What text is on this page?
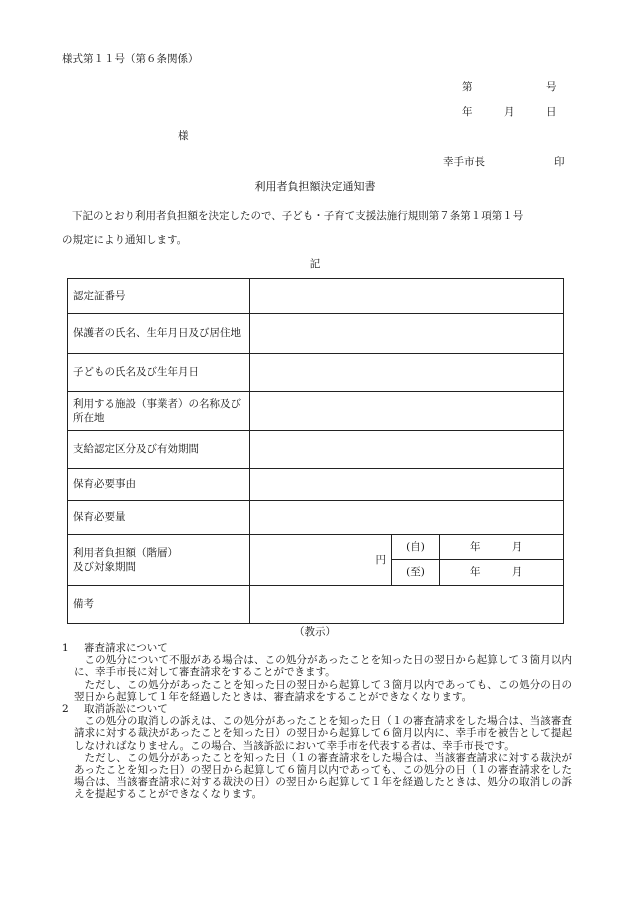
様式第１１号（第６条関係）
第	号
年	月	日
様
幸手市長	印
利用者負担額決定通知書
下記のとおり利用者負担額を決定したので、子ども・子育て支援法施行規則第７条第１項第１号
の規定により通知します。
記
認定証番号			
保護者の氏名、生年月日及び居住地			
子どもの氏名及び生年月日			
利用する施設（事業者）の名称及び所在地			
支給認定区分及び有効期間			
保育必要事由			
保育必要量			

利用者負担額（階層）
及び対象期間	円	(自)	年 月
		(至)	年 月
備考			
（教示）
1 審査請求について
この処分について不服がある場合は、この処分があったことを知った日の翌日から起算して３箇月以内に、幸手市長に対して審査請求をすることができます。
ただし、この処分があったことを知った日の翌日から起算して３箇月以内であっても、この処分の日の翌日から起算して１年を経過したときは、審査請求をすることができなくなります。
2 取消訴訟について
この処分の取消しの訴えは、この処分があったことを知った日（１の審査請求をした場合は、当該審査請求に対する裁決があったことを知った日）の翌日から起算して６箇月以内に、幸手市を被告として提起しなければなりません。この場合、当該訴訟において幸手市を代表する者は、幸手市長です。
ただし、この処分があったことを知った日（１の審査請求をした場合は、当該審査請求に対する裁決があったことを知った日）の翌日から起算して６箇月以内であっても、この処分の日（１の審査請求をした場合は、当該審査請求に対する裁決の日）の翌日から起算して１年を経過したときは、処分の取消しの訴えを提起することができなくなります。
